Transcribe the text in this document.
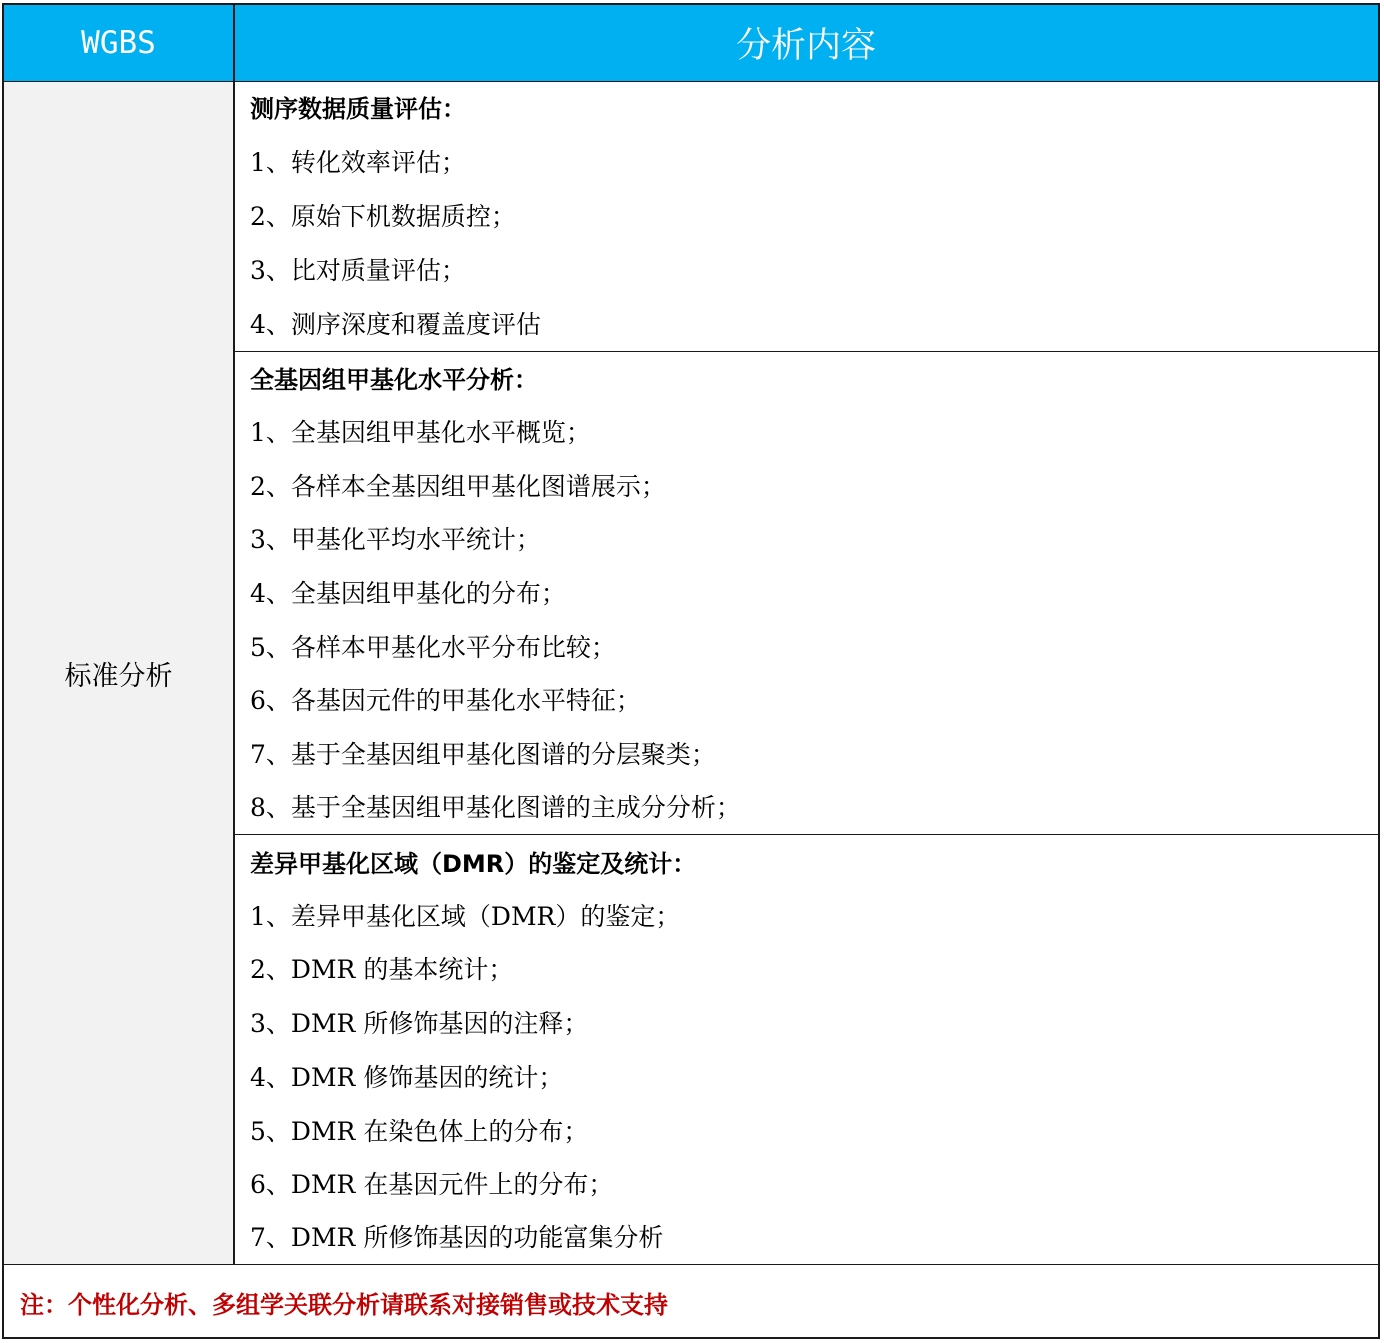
WGBS	分析内容
标准分析
测序数据质量评估：
1、转化效率评估；
2、原始下机数据质控；
3、比对质量评估；
4、测序深度和覆盖度评估
全基因组甲基化水平分析：
1、全基因组甲基化水平概览；
2、各样本全基因组甲基化图谱展示；
3、甲基化平均水平统计；
4、全基因组甲基化的分布；
5、各样本甲基化水平分布比较；
6、各基因元件的甲基化水平特征；
7、基于全基因组甲基化图谱的分层聚类；
8、基于全基因组甲基化图谱的主成分分析；
差异甲基化区域（DMR）的鉴定及统计：
1、差异甲基化区域（DMR）的鉴定；
2、DMR 的基本统计；
3、DMR 所修饰基因的注释；
4、DMR 修饰基因的统计；
5、DMR 在染色体上的分布；
6、DMR 在基因元件上的分布；
7、DMR 所修饰基因的功能富集分析
注：个性化分析、多组学关联分析请联系对接销售或技术支持
